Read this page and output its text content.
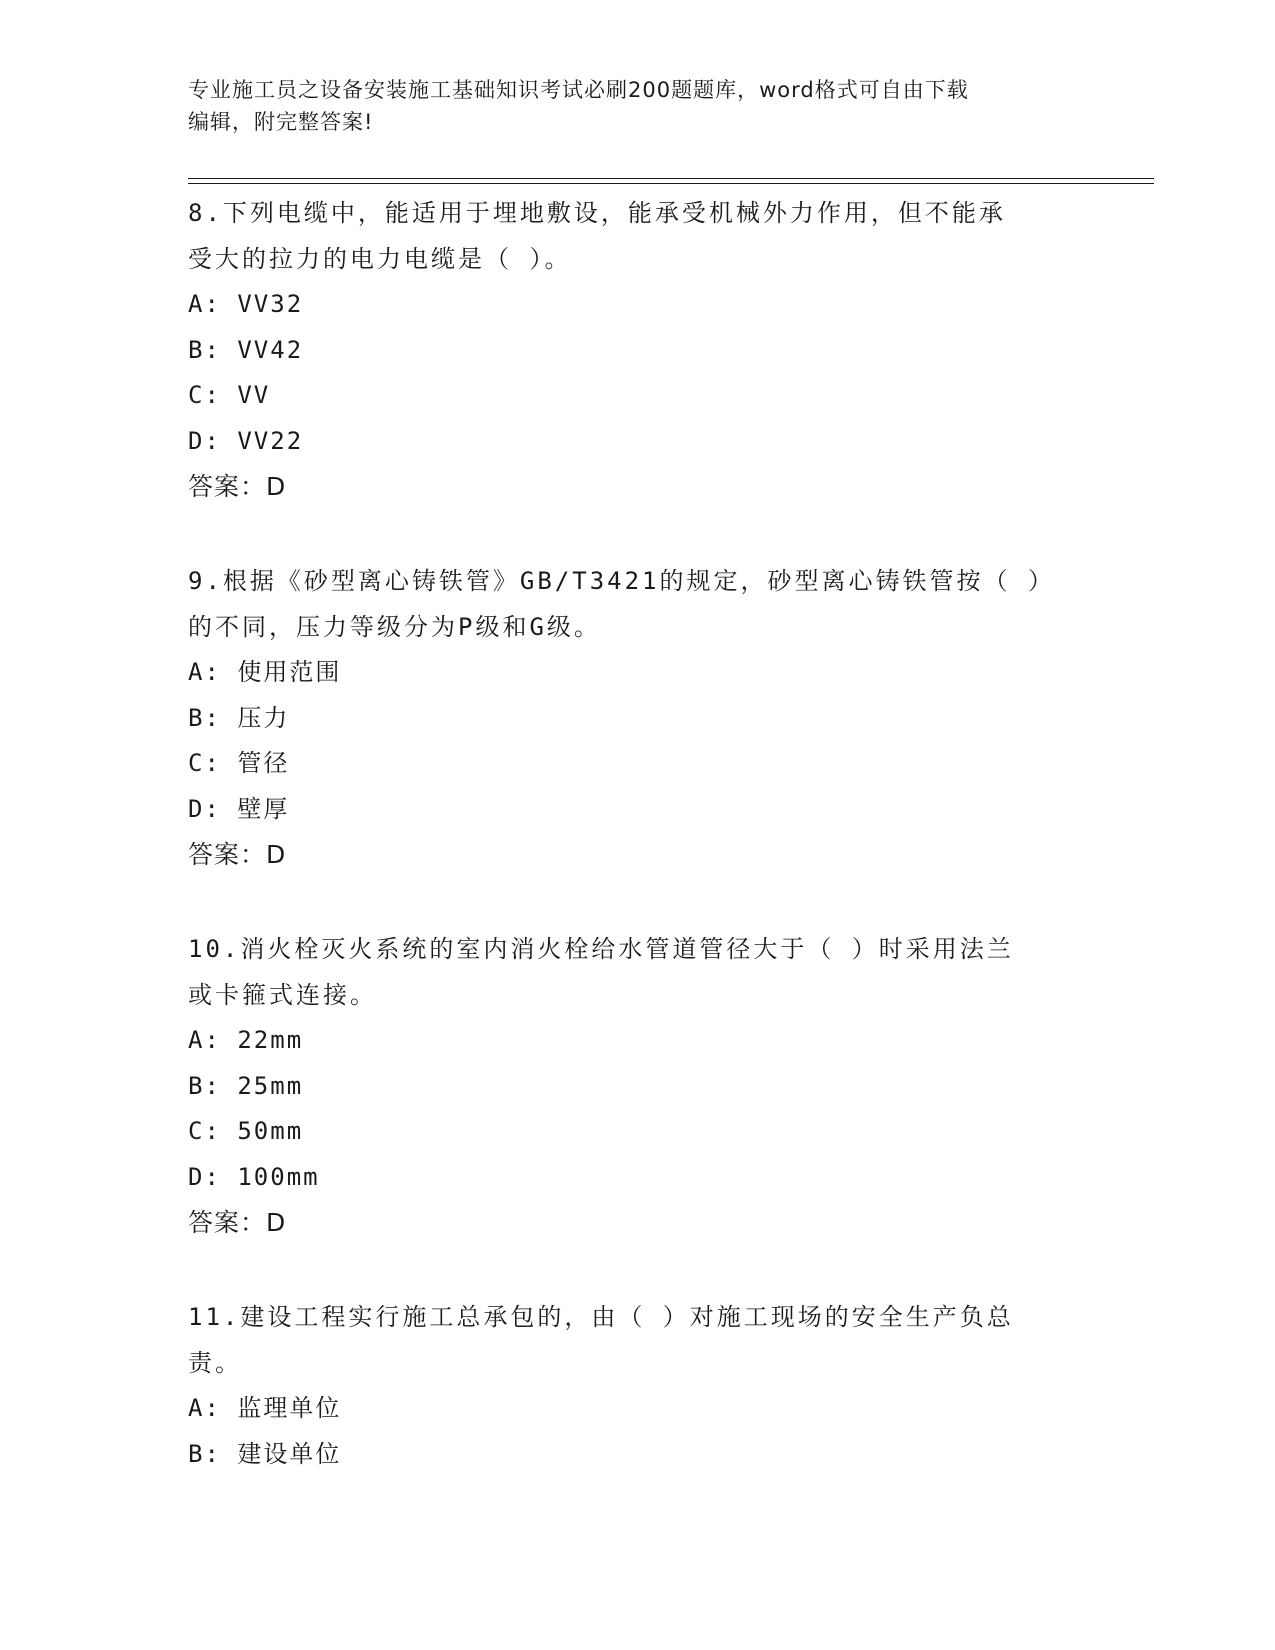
专业施工员之设备安装施工基础知识考试必刷200题题库，word格式可自由下载
编辑，附完整答案!

8.下列电缆中，能适用于埋地敷设，能承受机械外力作用，但不能承

受大的拉力的电力电缆是（ ）。

A: VV32

B: VV42

C: VV

D: VV22

答案：D

9.根据《砂型离心铸铁管》GB/T3421的规定，砂型离心铸铁管按（ ）

的不同，压力等级分为P级和G级。

A: 使用范围

B: 压力

C: 管径

D: 壁厚

答案：D

10.消火栓灭火系统的室内消火栓给水管道管径大于（ ）时采用法兰

或卡箍式连接。

A: 22mm

B: 25mm

C: 50mm

D: 100mm

答案：D

11.建设工程实行施工总承包的，由（ ）对施工现场的安全生产负总

责。

A: 监理单位

B: 建设单位
